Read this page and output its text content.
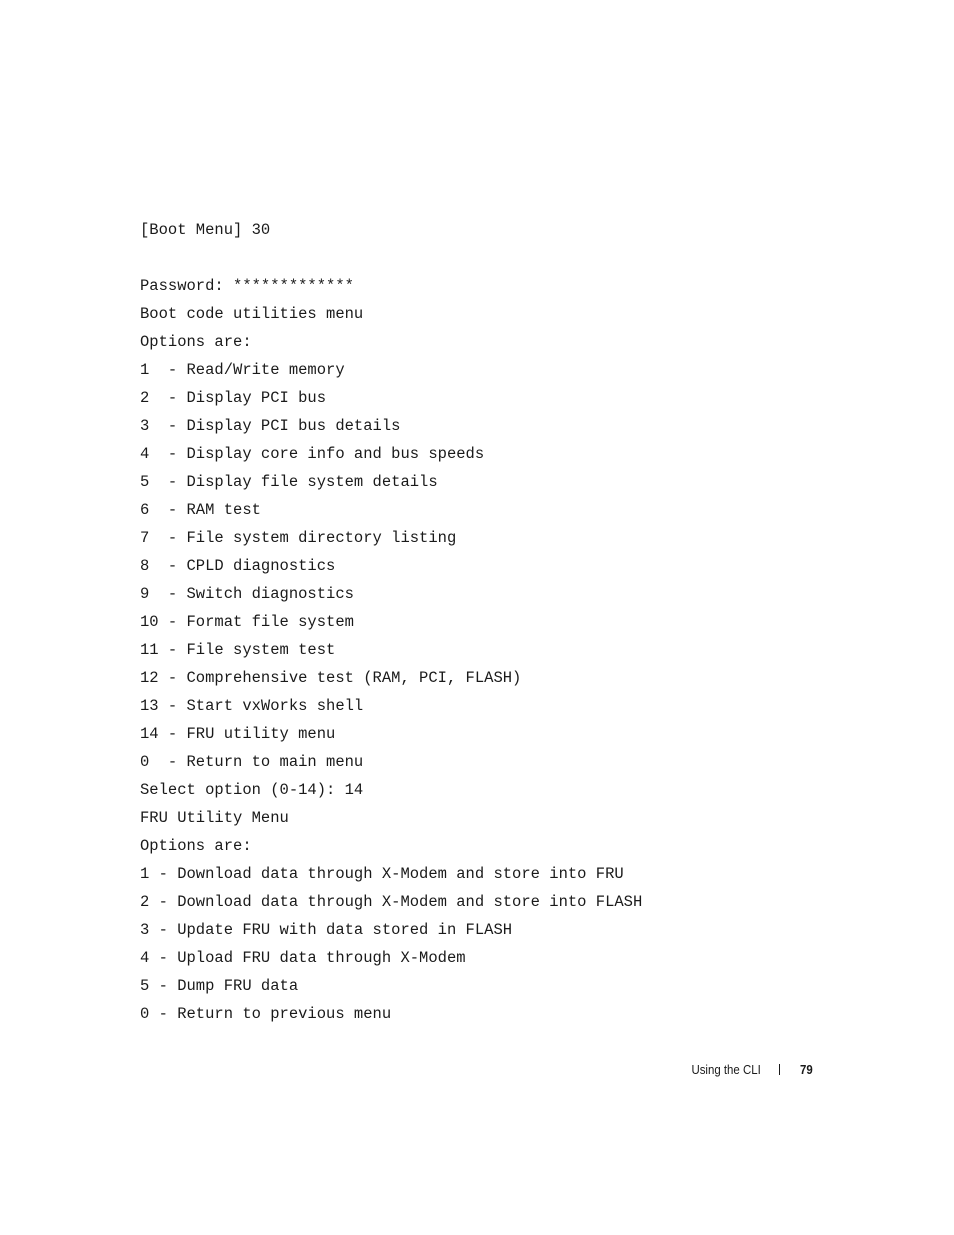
[Boot Menu] 30
Password: *************
Boot code utilities menu
Options are:
1  - Read/Write memory
2  - Display PCI bus
3  - Display PCI bus details
4  - Display core info and bus speeds
5  - Display file system details
6  - RAM test
7  - File system directory listing
8  - CPLD diagnostics
9  - Switch diagnostics
10 - Format file system
11 - File system test
12 - Comprehensive test (RAM, PCI, FLASH)
13 - Start vxWorks shell
14 - FRU utility menu
0  - Return to main menu
Select option (0-14): 14
FRU Utility Menu
Options are:
1 - Download data through X-Modem and store into FRU
2 - Download data through X-Modem and store into FLASH
3 - Update FRU with data stored in FLASH
4 - Upload FRU data through X-Modem
5 - Dump FRU data
0 - Return to previous menu
Using the CLI	79
